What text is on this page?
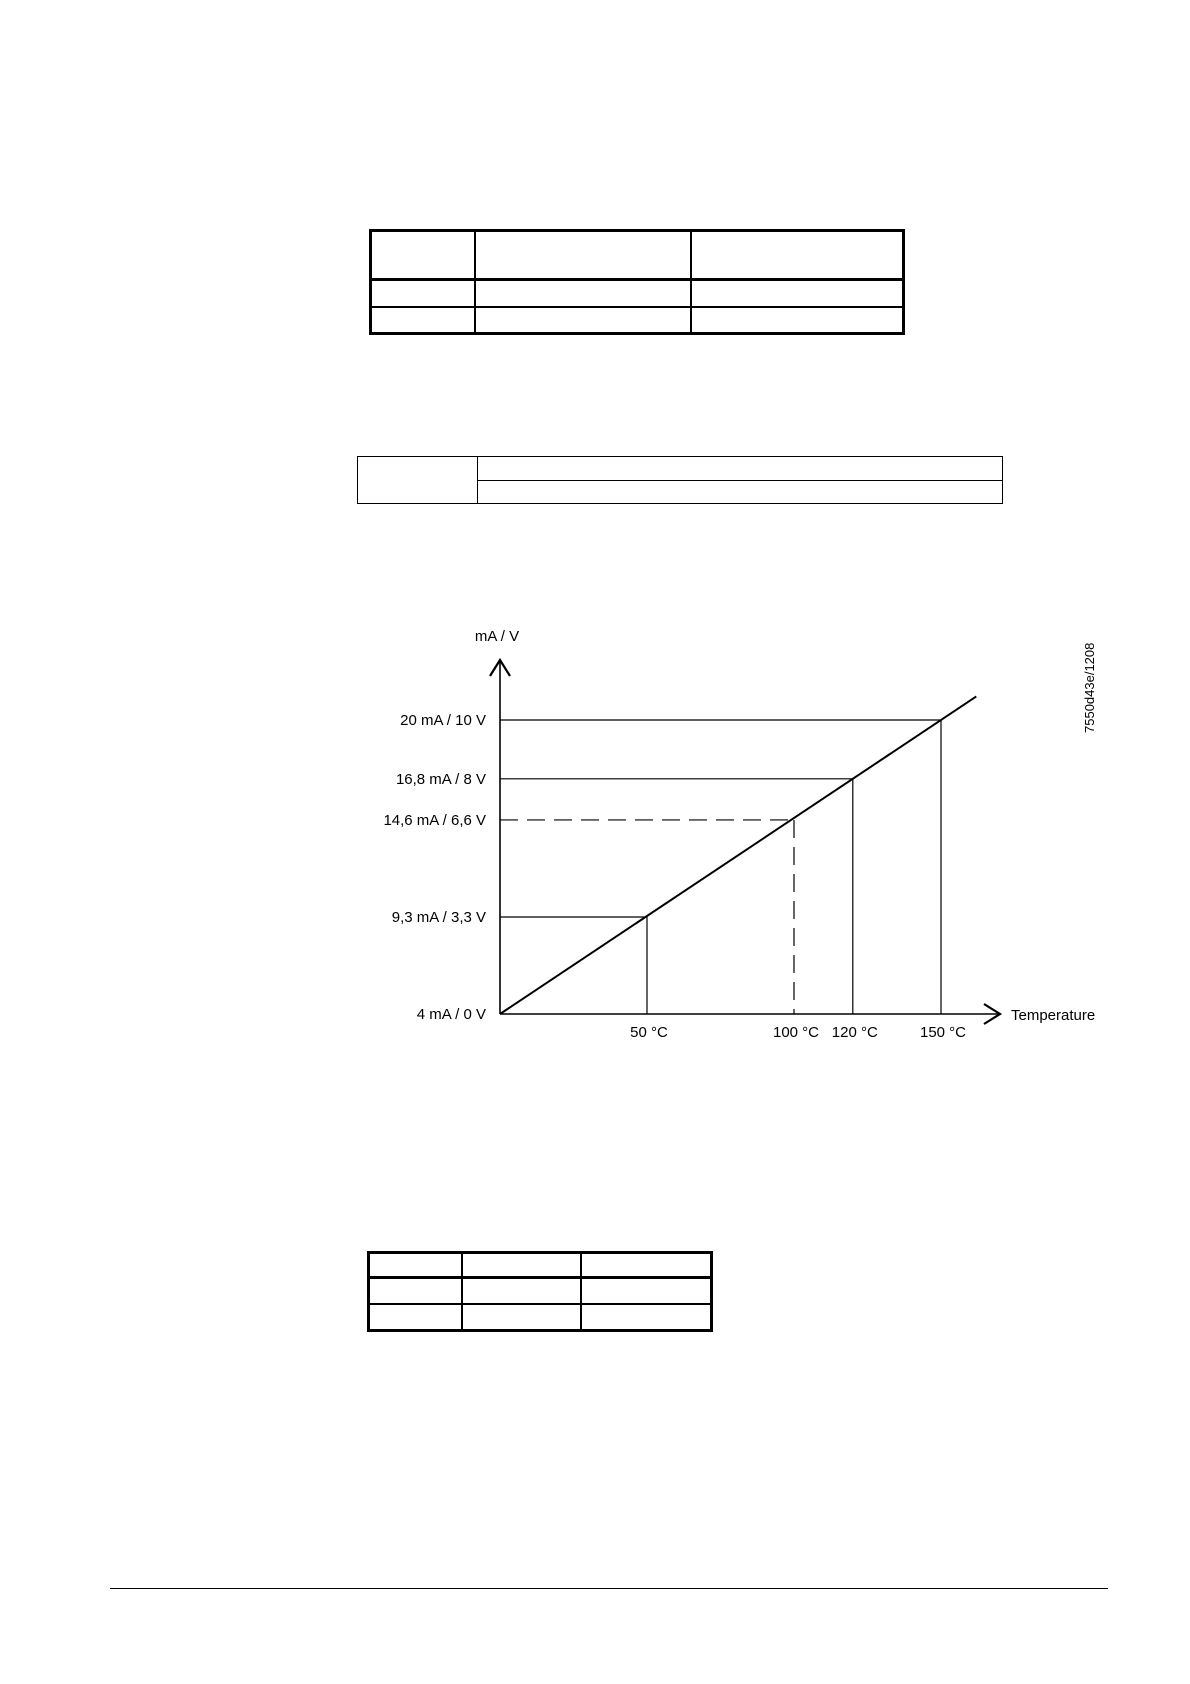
mA / V
Temperature
7550d43e/1208
4 mA / 0 V
9,3 mA / 3,3 V
14,6 mA / 6,6 V
16,8 mA / 8 V
20 mA / 10 V
50 °C	100 °C 120 °C	150 °C
